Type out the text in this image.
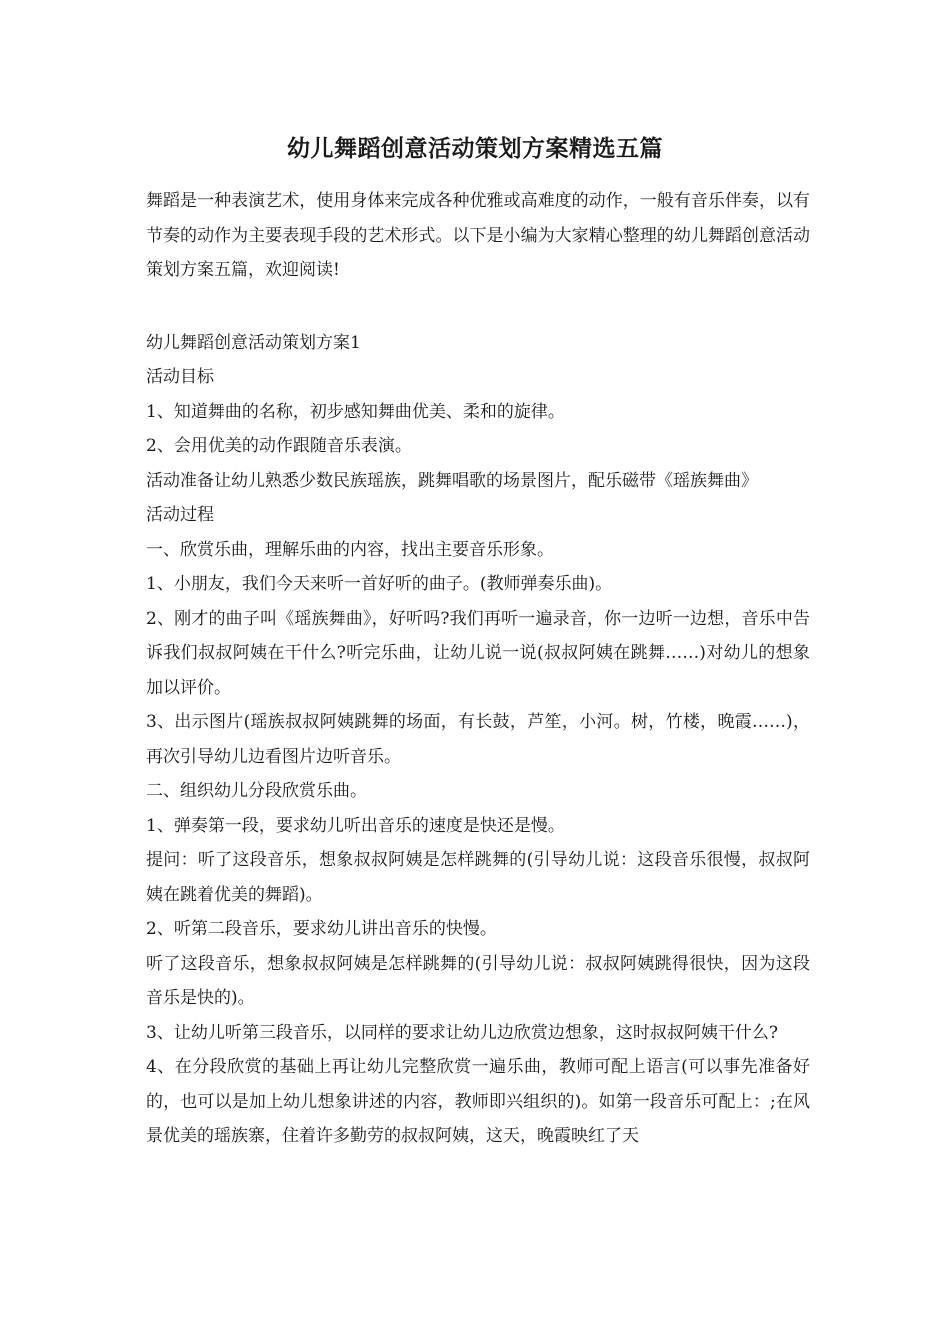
幼儿舞蹈创意活动策划方案精选五篇

舞蹈是一种表演艺术，使用身体来完成各种优雅或高难度的动作，一般有音乐伴奏，以有节奏的动作为主要表现手段的艺术形式。以下是小编为大家精心整理的幼儿舞蹈创意活动策划方案五篇，欢迎阅读!

幼儿舞蹈创意活动策划方案1

活动目标

1、知道舞曲的名称，初步感知舞曲优美、柔和的旋律。

2、会用优美的动作跟随音乐表演。

活动准备让幼儿熟悉少数民族瑶族，跳舞唱歌的场景图片，配乐磁带《瑶族舞曲》

活动过程

一、欣赏乐曲，理解乐曲的内容，找出主要音乐形象。

1、小朋友，我们今天来听一首好听的曲子。(教师弹奏乐曲)。

2、刚才的曲子叫《瑶族舞曲》，好听吗?我们再听一遍录音，你一边听一边想，音乐中告诉我们叔叔阿姨在干什么?听完乐曲，让幼儿说一说(叔叔阿姨在跳舞……)对幼儿的想象加以评价。

3、出示图片(瑶族叔叔阿姨跳舞的场面，有长鼓，芦笙，小河。树，竹楼，晚霞……)，再次引导幼儿边看图片边听音乐。

二、组织幼儿分段欣赏乐曲。

1、弹奏第一段，要求幼儿听出音乐的速度是快还是慢。

提问：听了这段音乐，想象叔叔阿姨是怎样跳舞的(引导幼儿说：这段音乐很慢，叔叔阿姨在跳着优美的舞蹈)。

2、听第二段音乐，要求幼儿讲出音乐的快慢。

听了这段音乐，想象叔叔阿姨是怎样跳舞的(引导幼儿说：叔叔阿姨跳得很快，因为这段音乐是快的)。

3、让幼儿听第三段音乐，以同样的要求让幼儿边欣赏边想象，这时叔叔阿姨干什么?

4、在分段欣赏的基础上再让幼儿完整欣赏一遍乐曲，教师可配上语言(可以事先准备好的，也可以是加上幼儿想象讲述的内容，教师即兴组织的)。如第一段音乐可配上：;在风景优美的瑶族寨，住着许多勤劳的叔叔阿姨，这天，晚霞映红了天
